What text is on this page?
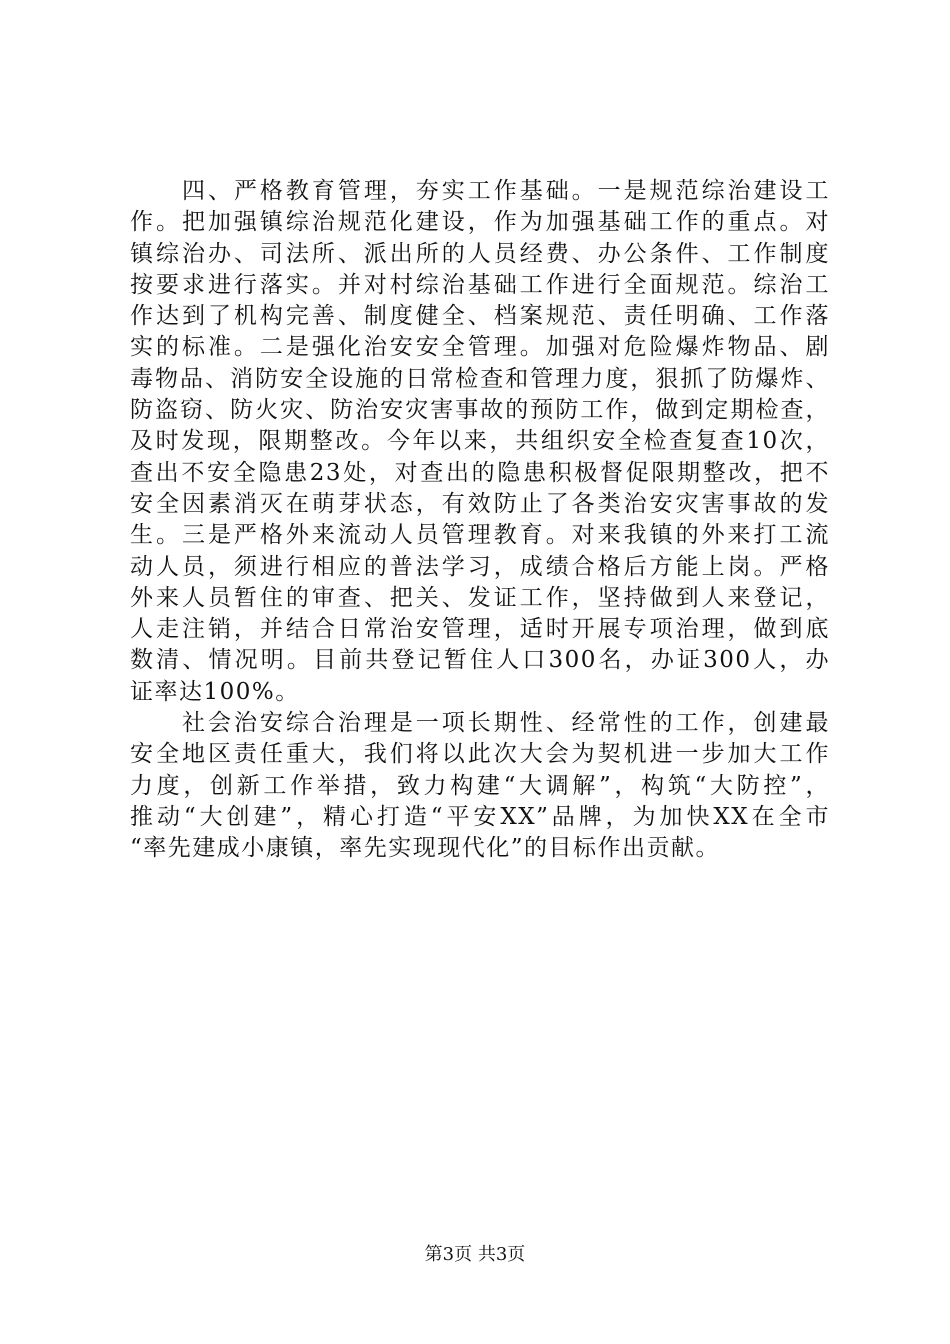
四、严格教育管理，夯实工作基础。一是规范综治建设工
作。把加强镇综治规范化建设，作为加强基础工作的重点。对
镇综治办、司法所、派出所的人员经费、办公条件、工作制度
按要求进行落实。并对村综治基础工作进行全面规范。综治工
作达到了机构完善、制度健全、档案规范、责任明确、工作落
实的标准。二是强化治安安全管理。加强对危险爆炸物品、剧
毒物品、消防安全设施的日常检查和管理力度，狠抓了防爆炸、
防盗窃、防火灾、防治安灾害事故的预防工作，做到定期检查，
及时发现，限期整改。今年以来，共组织安全检查复查10次，
查出不安全隐患23处，对查出的隐患积极督促限期整改，把不
安全因素消灭在萌芽状态，有效防止了各类治安灾害事故的发
生。三是严格外来流动人员管理教育。对来我镇的外来打工流
动人员，须进行相应的普法学习，成绩合格后方能上岗。严格
外来人员暂住的审查、把关、发证工作，坚持做到人来登记，
人走注销，并结合日常治安管理，适时开展专项治理，做到底
数清、情况明。目前共登记暂住人口300名，办证300人，办
证率达100%。
社会治安综合治理是一项长期性、经常性的工作，创建最
安全地区责任重大，我们将以此次大会为契机进一步加大工作
力度，创新工作举措，致力构建“大调解”，构筑“大防控”，
推动“大创建”，精心打造“平安XX”品牌，为加快XX在全市
“率先建成小康镇，率先实现现代化”的目标作出贡献。
第3页 共3页
